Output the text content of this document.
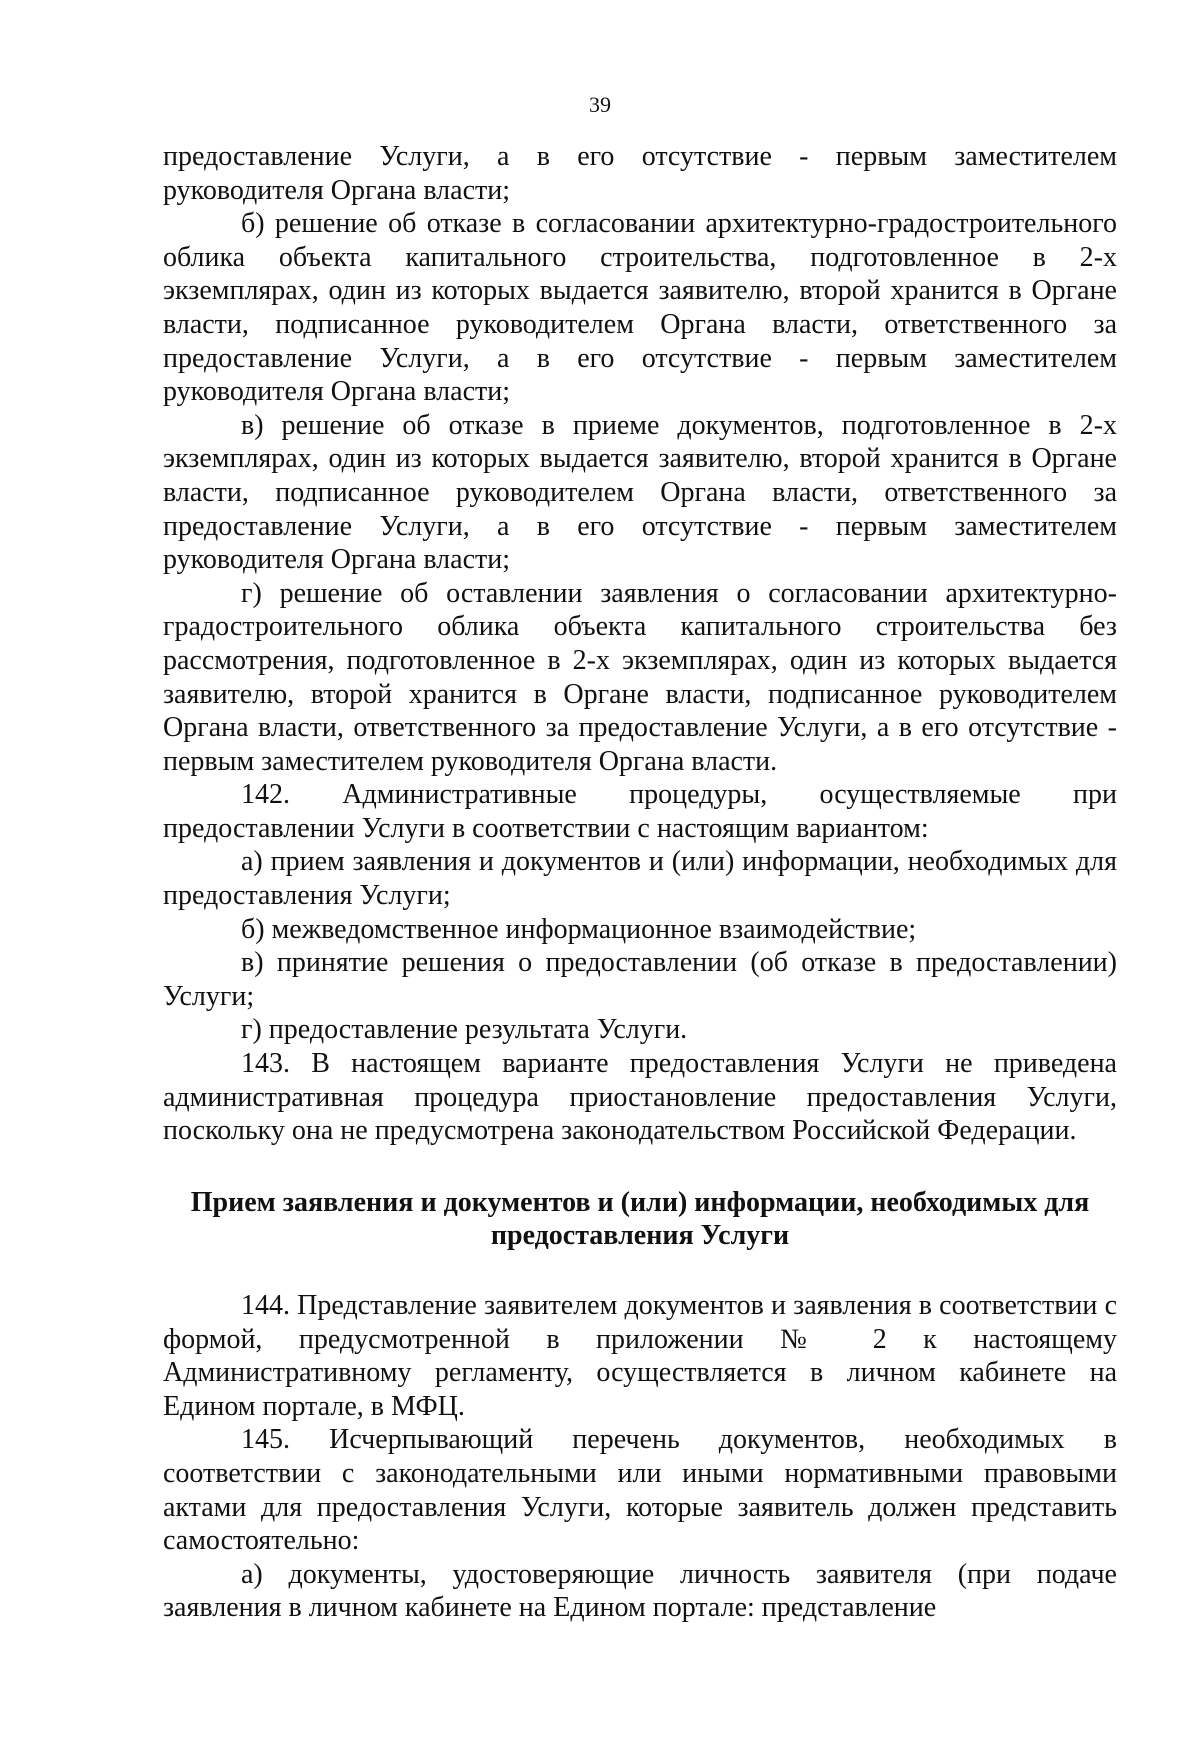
39

предоставление Услуги, а в его отсутствие - первым заместителем руководителя Органа власти;

б) решение об отказе в согласовании архитектурно-градостроительного облика объекта капитального строительства, подготовленное в 2-х экземплярах, один из которых выдается заявителю, второй хранится в Органе власти, подписанное руководителем Органа власти, ответственного за предоставление Услуги, а в его отсутствие - первым заместителем руководителя Органа власти;

в) решение об отказе в приеме документов, подготовленное в 2-х экземплярах, один из которых выдается заявителю, второй хранится в Органе власти, подписанное руководителем Органа власти, ответственного за предоставление Услуги, а в его отсутствие - первым заместителем руководителя Органа власти;

г) решение об оставлении заявления о согласовании архитектурно-градостроительного облика объекта капитального строительства без рассмотрения, подготовленное в 2-х экземплярах, один из которых выдается заявителю, второй хранится в Органе власти, подписанное руководителем Органа власти, ответственного за предоставление Услуги, а в его отсутствие - первым заместителем руководителя Органа власти.

142. Административные процедуры, осуществляемые при предоставлении Услуги в соответствии с настоящим вариантом:

а) прием заявления и документов и (или) информации, необходимых для предоставления Услуги;

б) межведомственное информационное взаимодействие;

в) принятие решения о предоставлении (об отказе в предоставлении) Услуги;

г) предоставление результата Услуги.

143. В настоящем варианте предоставления Услуги не приведена административная процедура приостановление предоставления Услуги, поскольку она не предусмотрена законодательством Российской Федерации.

Прием заявления и документов и (или) информации, необходимых для
предоставления Услуги

144. Представление заявителем документов и заявления в соответствии с формой, предусмотренной в приложении № 2 к настоящему Административному регламенту, осуществляется в личном кабинете на Едином портале, в МФЦ.

145. Исчерпывающий перечень документов, необходимых в соответствии с законодательными или иными нормативными правовыми актами для предоставления Услуги, которые заявитель должен представить самостоятельно:

а) документы, удостоверяющие личность заявителя (при подаче заявления в личном кабинете на Едином портале: представление
